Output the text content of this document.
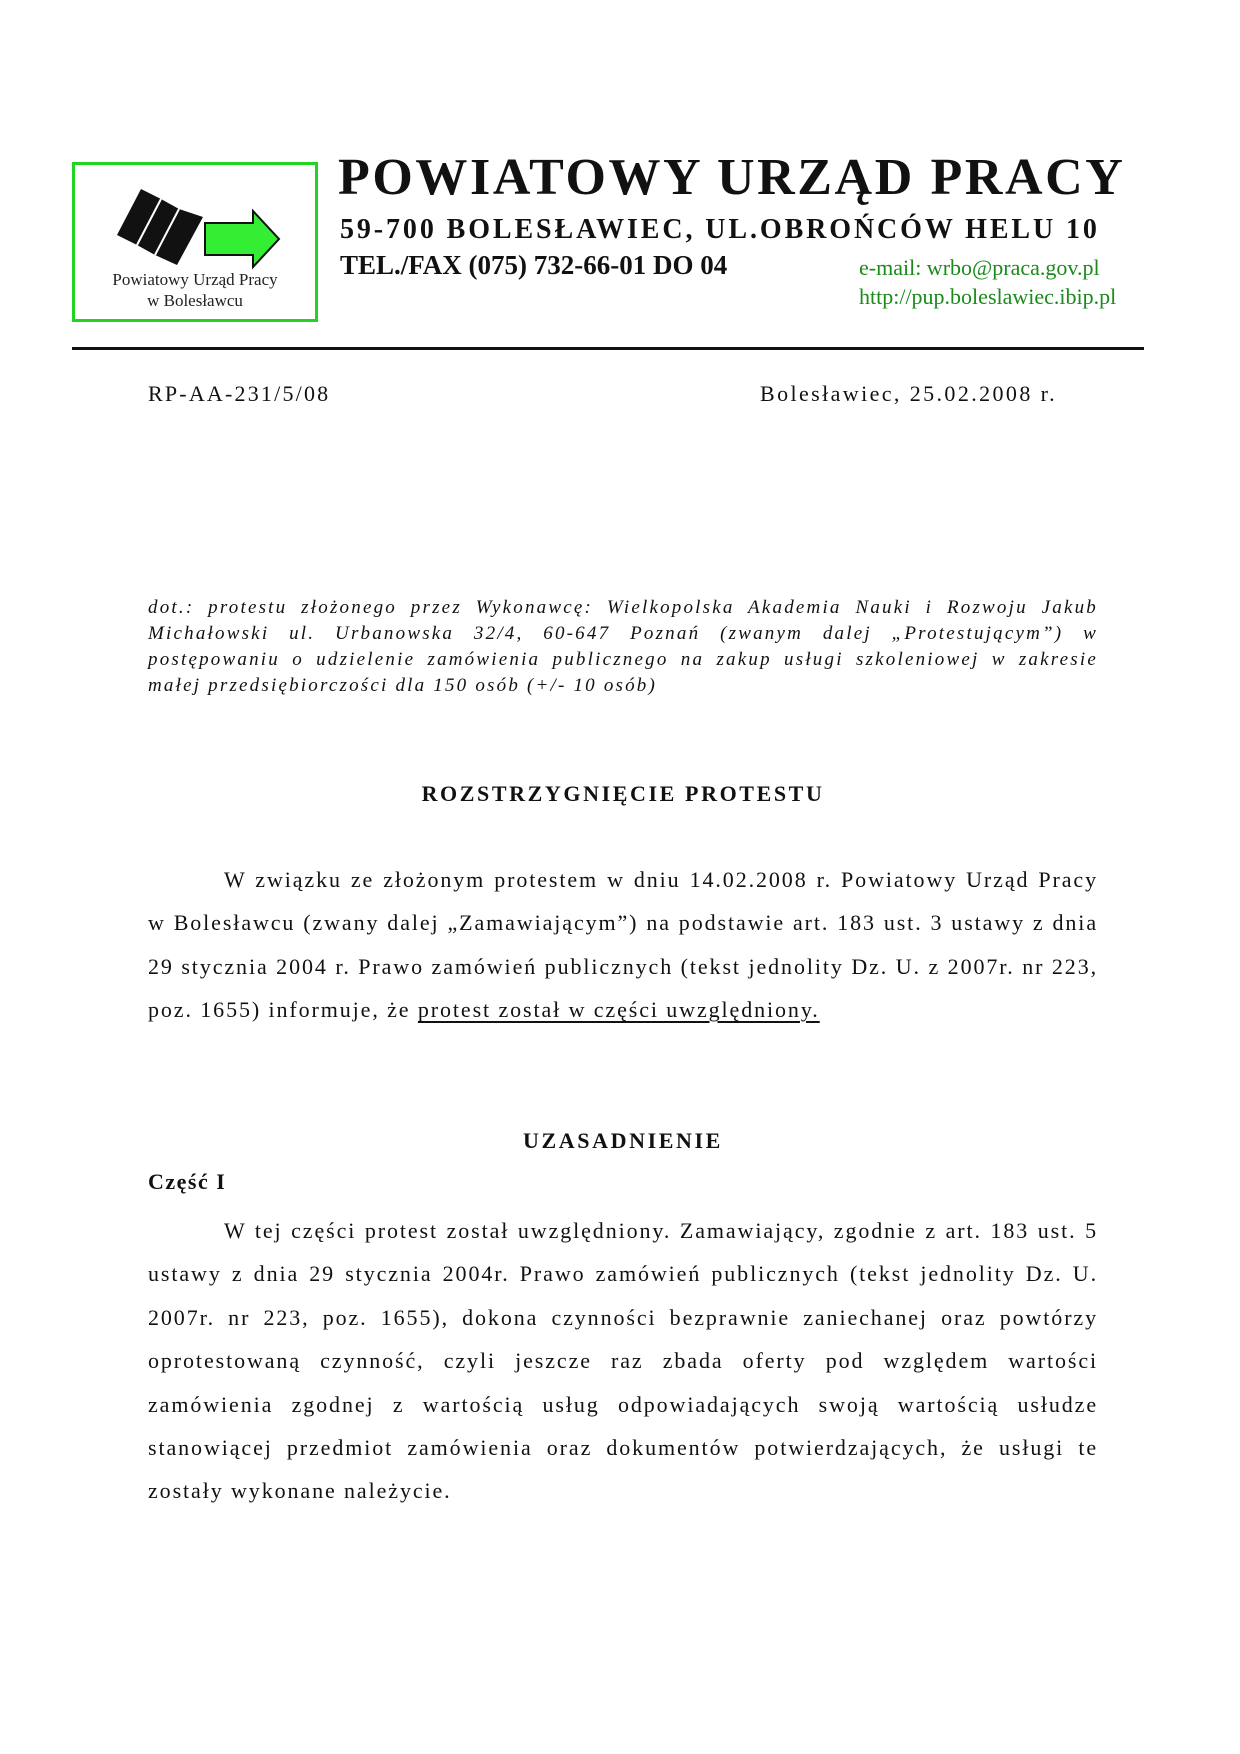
Powiatowy Urząd Pracy
w Bolesławcu
POWIATOWY URZĄD PRACY
59-700 BOLESŁAWIEC, UL.OBROŃCÓW HELU 10
TEL./FAX (075) 732-66-01 DO 04	e-mail: wrbo@praca.gov.pl
http://pup.boleslawiec.ibip.pl
RP-AA-231/5/08	Bolesławiec, 25.02.2008 r.
dot.: protestu złożonego przez Wykonawcę: Wielkopolska Akademia Nauki i Rozwoju Jakub Michałowski ul. Urbanowska 32/4, 60-647 Poznań (zwanym dalej „Protestującym”) w postępowaniu o udzielenie zamówienia publicznego na zakup usługi szkoleniowej w zakresie małej przedsiębiorczości dla 150 osób (+/- 10 osób)
ROZSTRZYGNIĘCIE PROTESTU
W związku ze złożonym protestem w dniu 14.02.2008 r. Powiatowy Urząd Pracy w Bolesławcu (zwany dalej „Zamawiającym”) na podstawie art. 183 ust. 3 ustawy z dnia 29 stycznia 2004 r. Prawo zamówień publicznych (tekst jednolity Dz. U. z 2007r. nr 223, poz. 1655) informuje, że protest został w części uwzględniony.
UZASADNIENIE
Część I
W tej części protest został uwzględniony. Zamawiający, zgodnie z art. 183 ust. 5 ustawy z dnia 29 stycznia 2004r. Prawo zamówień publicznych (tekst jednolity Dz. U. 2007r. nr 223, poz. 1655), dokona czynności bezprawnie zaniechanej oraz powtórzy oprotestowaną czynność, czyli jeszcze raz zbada oferty pod względem wartości zamówienia zgodnej z wartością usług odpowiadających swoją wartością usłudze stanowiącej przedmiot zamówienia oraz dokumentów potwierdzających, że usługi te zostały wykonane należycie.
